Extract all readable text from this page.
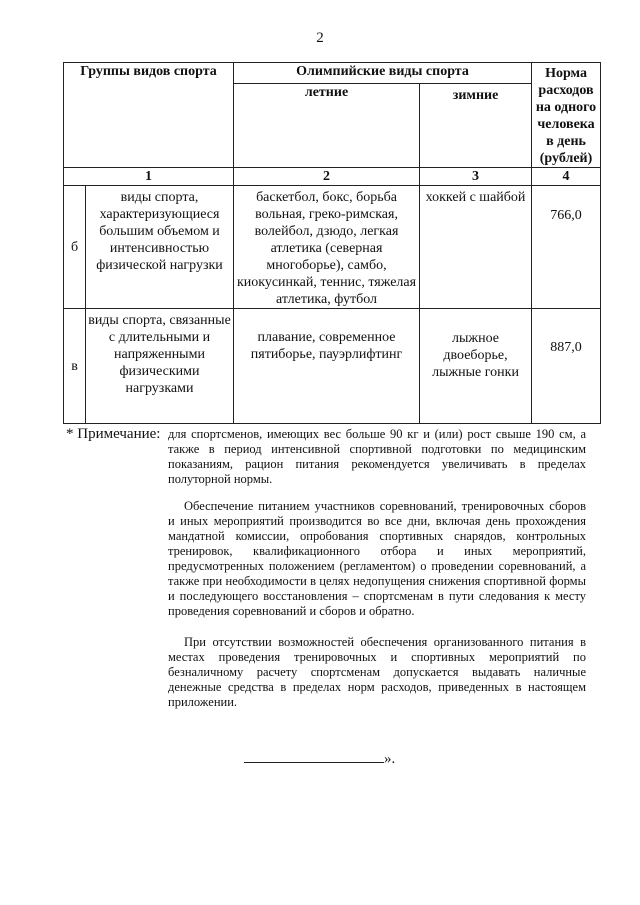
2
Группы видов спорта		Олимпийские виды спорта		Норма расходов на одного человека в день (рублей)
		летние	зимние	
1		2	3	4
б	виды спорта, характеризующиеся большим объемом и интенсивностью физической нагрузки	баскетбол, бокс, борьба вольная, греко-римская, волейбол, дзюдо, легкая атлетика (северная многоборье), самбо, киокусинкай, теннис, тяжелая атлетика, футбол	хоккей с шайбой	766,0
в	виды спорта, связанные с длительными и напряженными физическими нагрузками	плавание, современное пятиборье, пауэрлифтинг	лыжное двоеборье, лыжные гонки	887,0
* Примечание: для спортсменов, имеющих вес больше 90 кг и (или) рост свыше 190 см, а также в период интенсивной спортивной подготовки по медицинским показаниям, рацион питания рекомендуется увеличивать в пределах полуторной нормы.

Обеспечение питанием участников соревнований, тренировочных сборов и иных мероприятий производится во все дни, включая день прохождения мандатной комиссии, опробования спортивных снарядов, контрольных тренировок, квалификационного отбора и иных мероприятий, предусмотренных положением (регламентом) о проведении соревнований, а также при необходимости в целях недопущения снижения спортивной формы и последующего восстановления – спортсменам в пути следования к месту проведения соревнований и сборов и обратно.

При отсутствии возможностей обеспечения организованного питания в местах проведения тренировочных и спортивных мероприятий по безналичному расчету спортсменам допускается выдавать наличные денежные средства в пределах норм расходов, приведенных в настоящем приложении.

».
